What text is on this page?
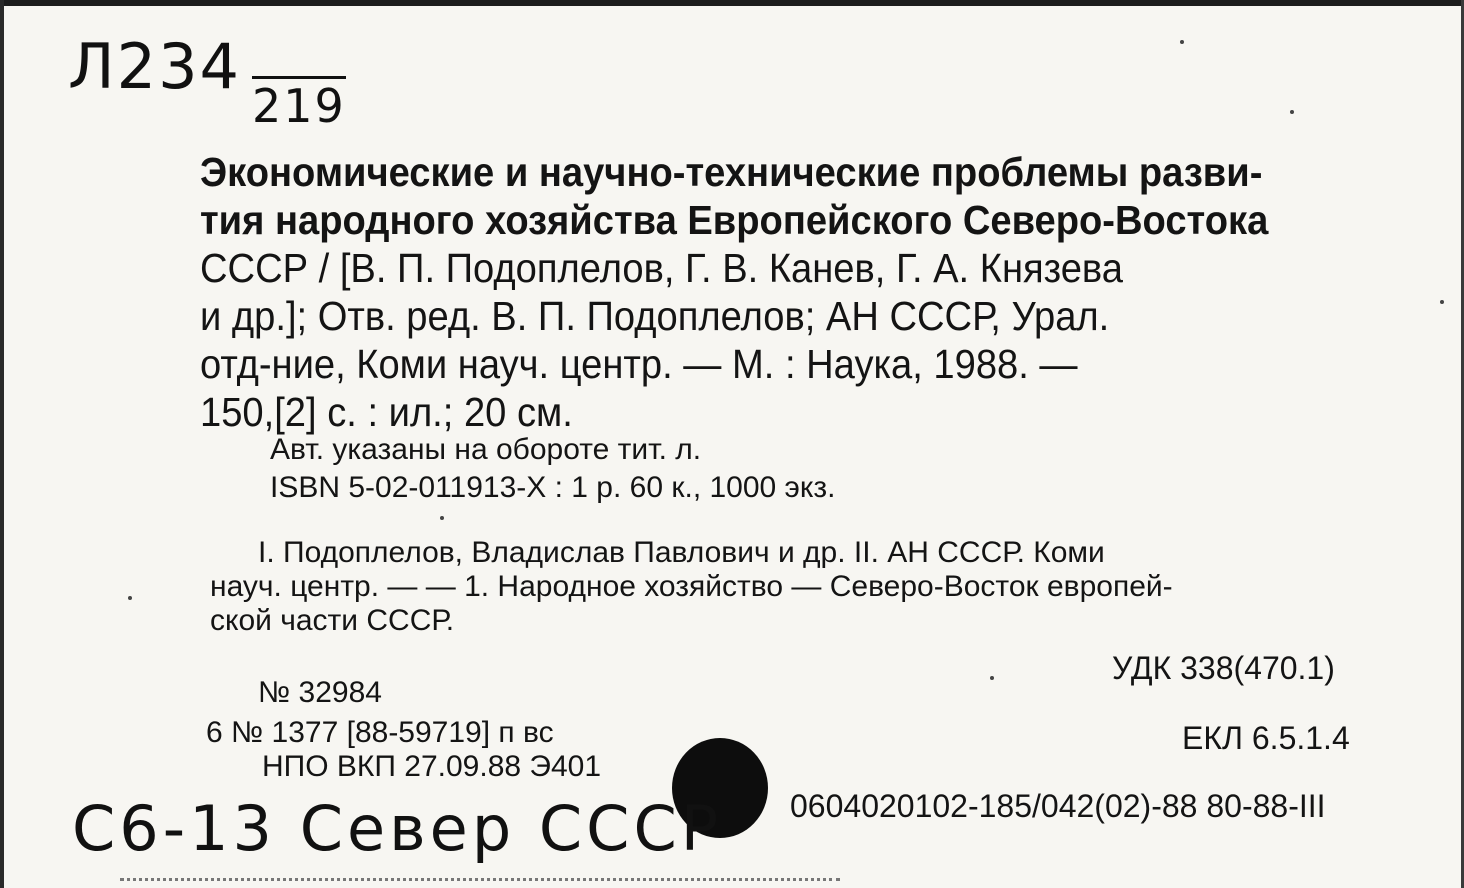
Л234
219
Экономические и научно-технические проблемы разви-
тия народного хозяйства Европейского Северо-Востока
СССР / [В. П. Подоплелов, Г. В. Канев, Г. А. Князева
и др.]; Отв. ред. В. П. Подоплелов; АН СССР, Урал.
отд-ние, Коми науч. центр. — М. : Наука, 1988. —
150,[2] с. : ил.; 20 см.
Авт. указаны на обороте тит. л.
ISBN 5-02-011913-X : 1 р. 60 к., 1000 экз.
I. Подоплелов, Владислав Павлович и др. II. АН СССР. Коми
науч. центр. — — 1. Народное хозяйство — Северо-Восток европей-
ской части СССР.
УДК 338(470.1)
№ 32984
6 № 1377 [88-59719] п вс	ЕКЛ 6.5.1.4
НПО ВКП 27.09.88 Э401
0604020102-185/042(02)-88 80-88-III
С6-13 Север СССР
